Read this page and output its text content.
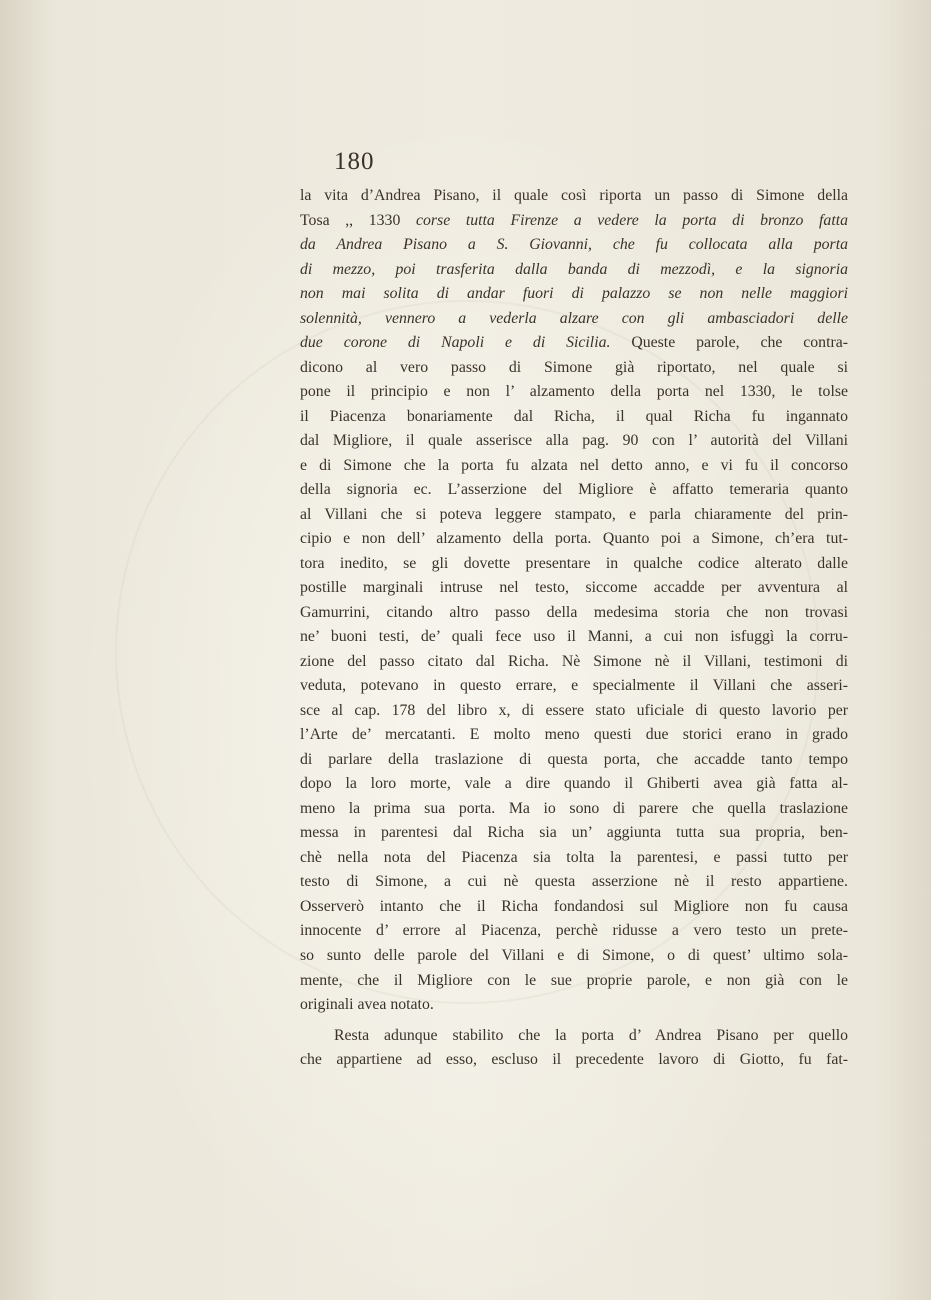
180
la vita d’Andrea Pisano, il quale così riporta un passo di Simone della
Tosa ,, 1330 corse tutta Firenze a vedere la porta di bronzo fatta
da Andrea Pisano a S. Giovanni, che fu collocata alla porta
di mezzo, poi trasferita dalla banda di mezzodì, e la signoria
non mai solita di andar fuori di palazzo se non nelle maggiori
solennità, vennero a vederla alzare con gli ambasciadori delle
due corone di Napoli e di Sicilia. Queste parole, che contra-
dicono al vero passo di Simone già riportato, nel quale si
pone il principio e non l’ alzamento della porta nel 1330, le tolse
il Piacenza bonariamente dal Richa, il qual Richa fu ingannato
dal Migliore, il quale asserisce alla pag. 90 con l’ autorità del Villani
e di Simone che la porta fu alzata nel detto anno, e vi fu il concorso
della signoria ec. L’asserzione del Migliore è affatto temeraria quanto
al Villani che si poteva leggere stampato, e parla chiaramente del prin-
cipio e non dell’ alzamento della porta. Quanto poi a Simone, ch’era tut-
tora inedito, se gli dovette presentare in qualche codice alterato dalle
postille marginali intruse nel testo, siccome accadde per avventura al
Gamurrini, citando altro passo della medesima storia che non trovasi
ne’ buoni testi, de’ quali fece uso il Manni, a cui non isfuggì la corru-
zione del passo citato dal Richa. Nè Simone nè il Villani, testimoni di
veduta, potevano in questo errare, e specialmente il Villani che asseri-
sce al cap. 178 del libro x, di essere stato uficiale di questo lavorio per
l’Arte de’ mercatanti. E molto meno questi due storici erano in grado
di parlare della traslazione di questa porta, che accadde tanto tempo
dopo la loro morte, vale a dire quando il Ghiberti avea già fatta al-
meno la prima sua porta. Ma io sono di parere che quella traslazione
messa in parentesi dal Richa sia un’ aggiunta tutta sua propria, ben-
chè nella nota del Piacenza sia tolta la parentesi, e passi tutto per
testo di Simone, a cui nè questa asserzione nè il resto appartiene.
Osserverò intanto che il Richa fondandosi sul Migliore non fu causa
innocente d’ errore al Piacenza, perchè ridusse a vero testo un prete-
so sunto delle parole del Villani e di Simone, o di quest’ ultimo sola-
mente, che il Migliore con le sue proprie parole, e non già con le
originali avea notato.
Resta adunque stabilito che la porta d’ Andrea Pisano per quello
che appartiene ad esso, escluso il precedente lavoro di Giotto, fu fat-
